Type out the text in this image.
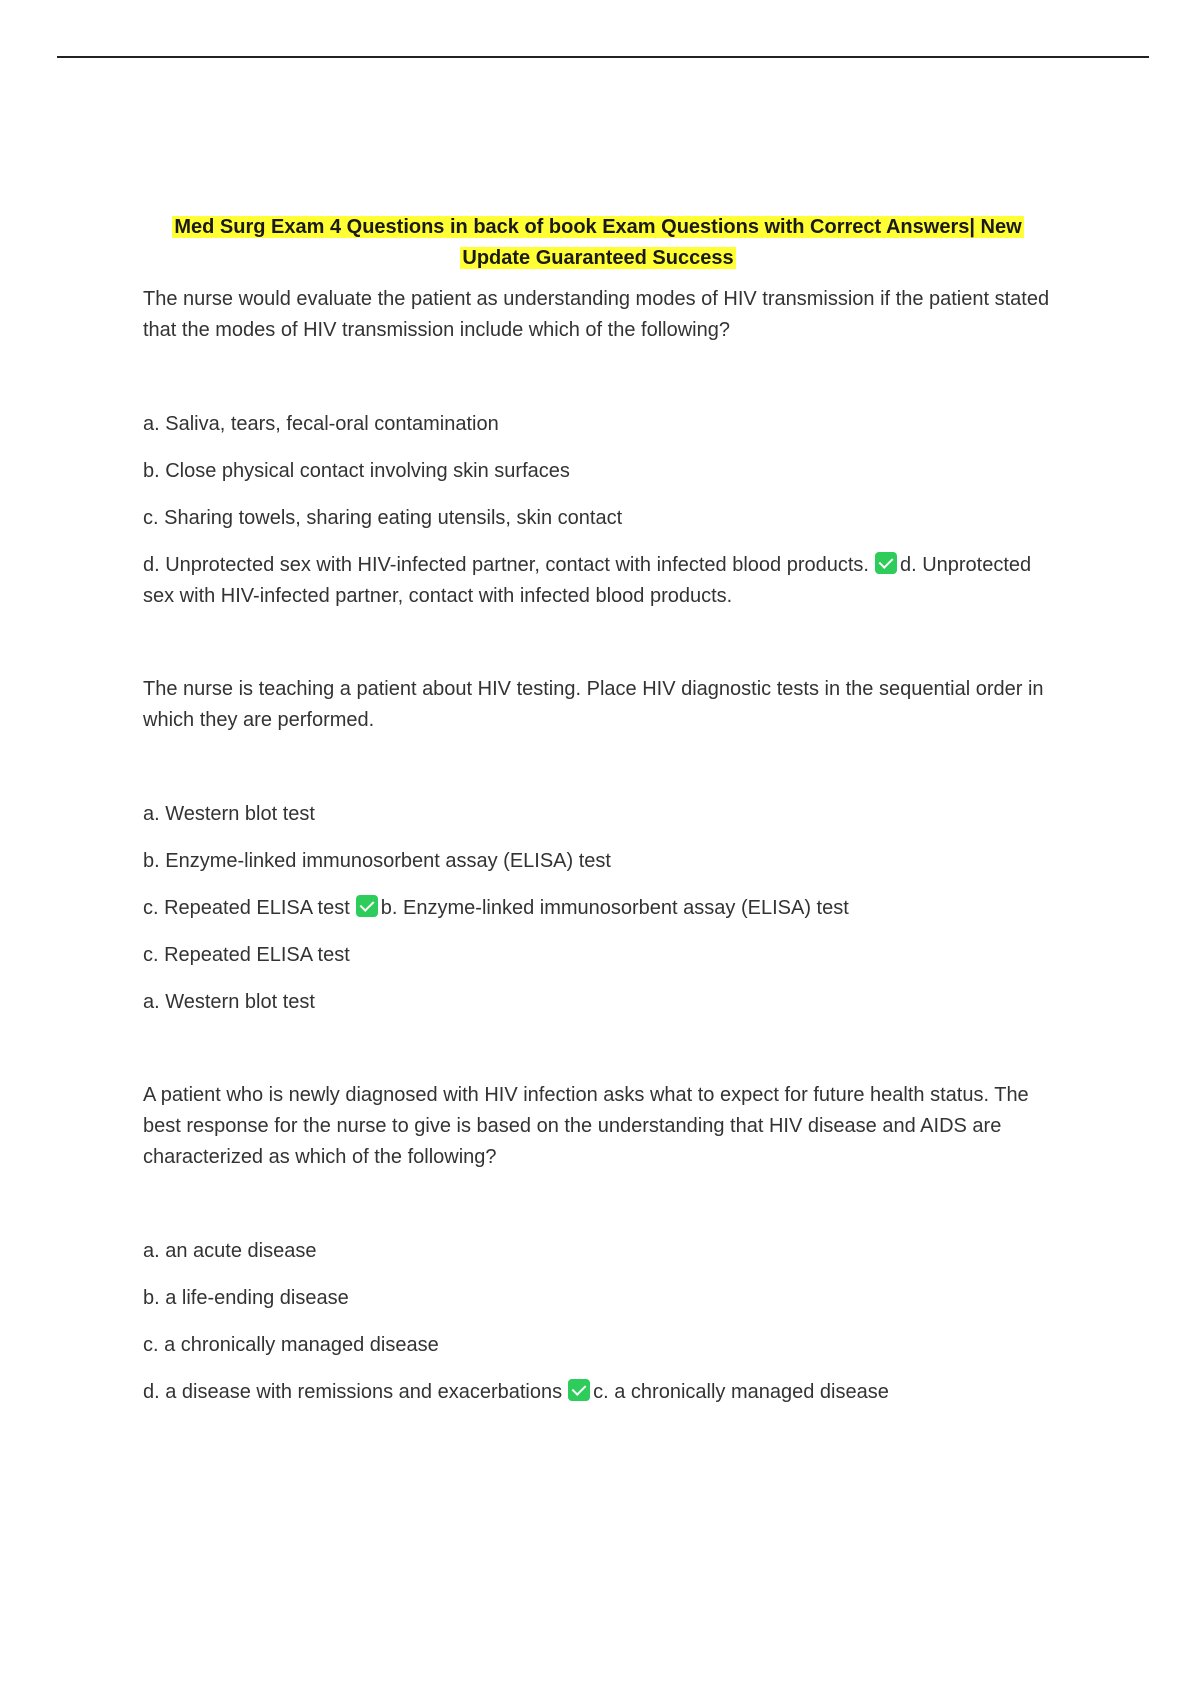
Med Surg Exam 4 Questions in back of book Exam Questions with Correct Answers| New Update Guaranteed Success

The nurse would evaluate the patient as understanding modes of HIV transmission if the patient stated that the modes of HIV transmission include which of the following?

a. Saliva, tears, fecal-oral contamination

b. Close physical contact involving skin surfaces

c. Sharing towels, sharing eating utensils, skin contact

d. Unprotected sex with HIV-infected partner, contact with infected blood products. d. Unprotected sex with HIV-infected partner, contact with infected blood products.

The nurse is teaching a patient about HIV testing. Place HIV diagnostic tests in the sequential order in which they are performed.

a. Western blot test

b. Enzyme-linked immunosorbent assay (ELISA) test

c. Repeated ELISA test b. Enzyme-linked immunosorbent assay (ELISA) test

c. Repeated ELISA test

a. Western blot test

A patient who is newly diagnosed with HIV infection asks what to expect for future health status. The best response for the nurse to give is based on the understanding that HIV disease and AIDS are characterized as which of the following?

a. an acute disease

b. a life-ending disease

c. a chronically managed disease

d. a disease with remissions and exacerbations c. a chronically managed disease
